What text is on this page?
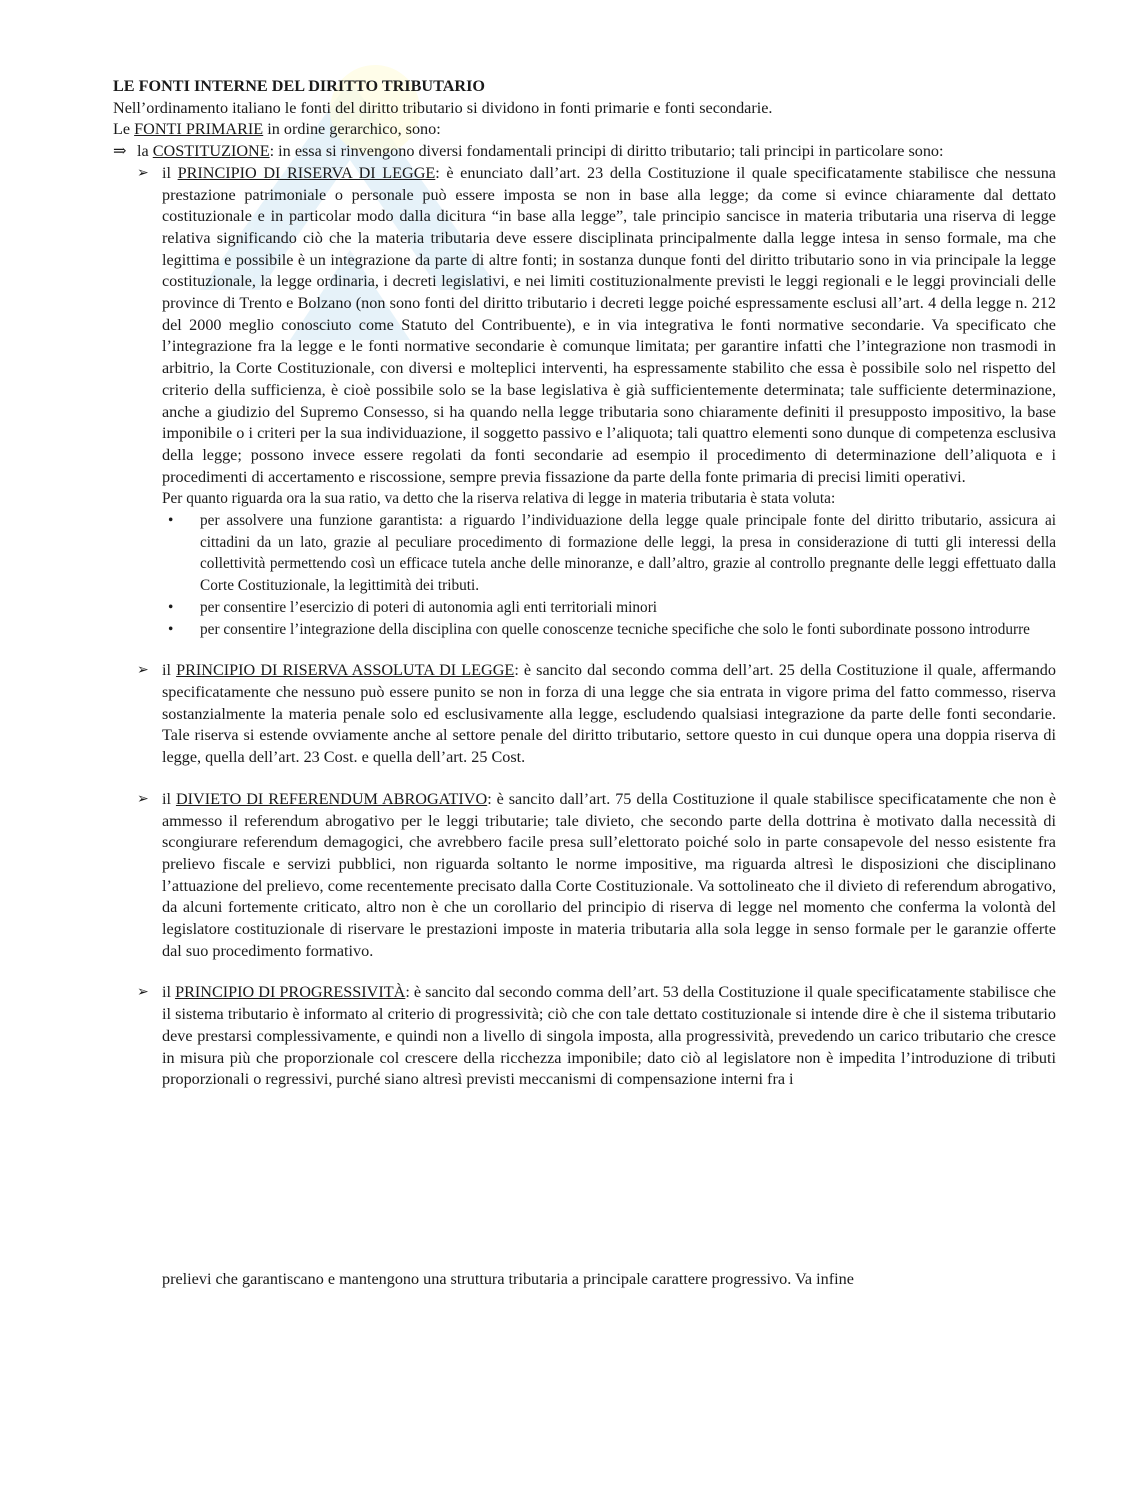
LE FONTI INTERNE DEL DIRITTO TRIBUTARIO
Nell’ordinamento italiano le fonti del diritto tributario si dividono in fonti primarie e fonti secondarie.
Le FONTI PRIMARIE in ordine gerarchico, sono:
⇒ la COSTITUZIONE: in essa si rinvengono diversi fondamentali principi di diritto tributario; tali principi in particolare sono:
➢ il PRINCIPIO DI RISERVA DI LEGGE: è enunciato dall’art. 23 della Costituzione il quale specificatamente stabilisce che nessuna prestazione patrimoniale o personale può essere imposta se non in base alla legge; da come si evince chiaramente dal dettato costituzionale e in particolar modo dalla dicitura “in base alla legge”, tale principio sancisce in materia tributaria una riserva di legge relativa significando ciò che la materia tributaria deve essere disciplinata principalmente dalla legge intesa in senso formale, ma che legittima e possibile è un integrazione da parte di altre fonti; in sostanza dunque fonti del diritto tributario sono in via principale la legge costituzionale, la legge ordinaria, i decreti legislativi, e nei limiti costituzionalmente previsti le leggi regionali e le leggi provinciali delle province di Trento e Bolzano (non sono fonti del diritto tributario i decreti legge poiché espressamente esclusi all’art. 4 della legge n. 212 del 2000 meglio conosciuto come Statuto del Contribuente), e in via integrativa le fonti normative secondarie. Va specificato che l’integrazione fra la legge e le fonti normative secondarie è comunque limitata; per garantire infatti che l’integrazione non trasmodi in arbitrio, la Corte Costituzionale, con diversi e molteplici interventi, ha espressamente stabilito che essa è possibile solo nel rispetto del criterio della sufficienza, è cioè possibile solo se la base legislativa è già sufficientemente determinata; tale sufficiente determinazione, anche a giudizio del Supremo Consesso, si ha quando nella legge tributaria sono chiaramente definiti il presupposto impositivo, la base imponibile o i criteri per la sua individuazione, il soggetto passivo e l’aliquota; tali quattro elementi sono dunque di competenza esclusiva della legge; possono invece essere regolati da fonti secondarie ad esempio il procedimento di determinazione dell’aliquota e i procedimenti di accertamento e riscossione, sempre previa fissazione da parte della fonte primaria di precisi limiti operativi.
Per quanto riguarda ora la sua ratio, va detto che la riserva relativa di legge in materia tributaria è stata voluta:
• per assolvere una funzione garantista: a riguardo l’individuazione della legge quale principale fonte del diritto tributario, assicura ai cittadini da un lato, grazie al peculiare procedimento di formazione delle leggi, la presa in considerazione di tutti gli interessi della collettività permettendo così un efficace tutela anche delle minoranze, e dall’altro, grazie al controllo pregnante delle leggi effettuato dalla Corte Costituzionale, la legittimità dei tributi.
• per consentire l’esercizio di poteri di autonomia agli enti territoriali minori
• per consentire l’integrazione della disciplina con quelle conoscenze tecniche specifiche che solo le fonti subordinate possono introdurre
➢ il PRINCIPIO DI RISERVA ASSOLUTA DI LEGGE: è sancito dal secondo comma dell’art. 25 della Costituzione il quale, affermando specificatamente che nessuno può essere punito se non in forza di una legge che sia entrata in vigore prima del fatto commesso, riserva sostanzialmente la materia penale solo ed esclusivamente alla legge, escludendo qualsiasi integrazione da parte delle fonti secondarie. Tale riserva si estende ovviamente anche al settore penale del diritto tributario, settore questo in cui dunque opera una doppia riserva di legge, quella dell’art. 23 Cost. e quella dell’art. 25 Cost.
➢ il DIVIETO DI REFERENDUM ABROGATIVO: è sancito dall’art. 75 della Costituzione il quale stabilisce specificatamente che non è ammesso il referendum abrogativo per le leggi tributarie; tale divieto, che secondo parte della dottrina è motivato dalla necessità di scongiurare referendum demagogici, che avrebbero facile presa sull’elettorato poiché solo in parte consapevole del nesso esistente fra prelievo fiscale e servizi pubblici, non riguarda soltanto le norme impositive, ma riguarda altresì le disposizioni che disciplinano l’attuazione del prelievo, come recentemente precisato dalla Corte Costituzionale. Va sottolineato che il divieto di referendum abrogativo, da alcuni fortemente criticato, altro non è che un corollario del principio di riserva di legge nel momento che conferma la volontà del legislatore costituzionale di riservare le prestazioni imposte in materia tributaria alla sola legge in senso formale per le garanzie offerte dal suo procedimento formativo.
➢ il PRINCIPIO DI PROGRESSIVITÀ: è sancito dal secondo comma dell’art. 53 della Costituzione il quale specificatamente stabilisce che il sistema tributario è informato al criterio di progressività; ciò che con tale dettato costituzionale si intende dire è che il sistema tributario deve prestarsi complessivamente, e quindi non a livello di singola imposta, alla progressività, prevedendo un carico tributario che cresce in misura più che proporzionale col crescere della ricchezza imponibile; dato ciò al legislatore non è impedita l’introduzione di tributi proporzionali o regressivi, purché siano altresì previsti meccanismi di compensazione interni fra i
prelievi che garantiscano e mantengono una struttura tributaria a principale carattere progressivo. Va infine
